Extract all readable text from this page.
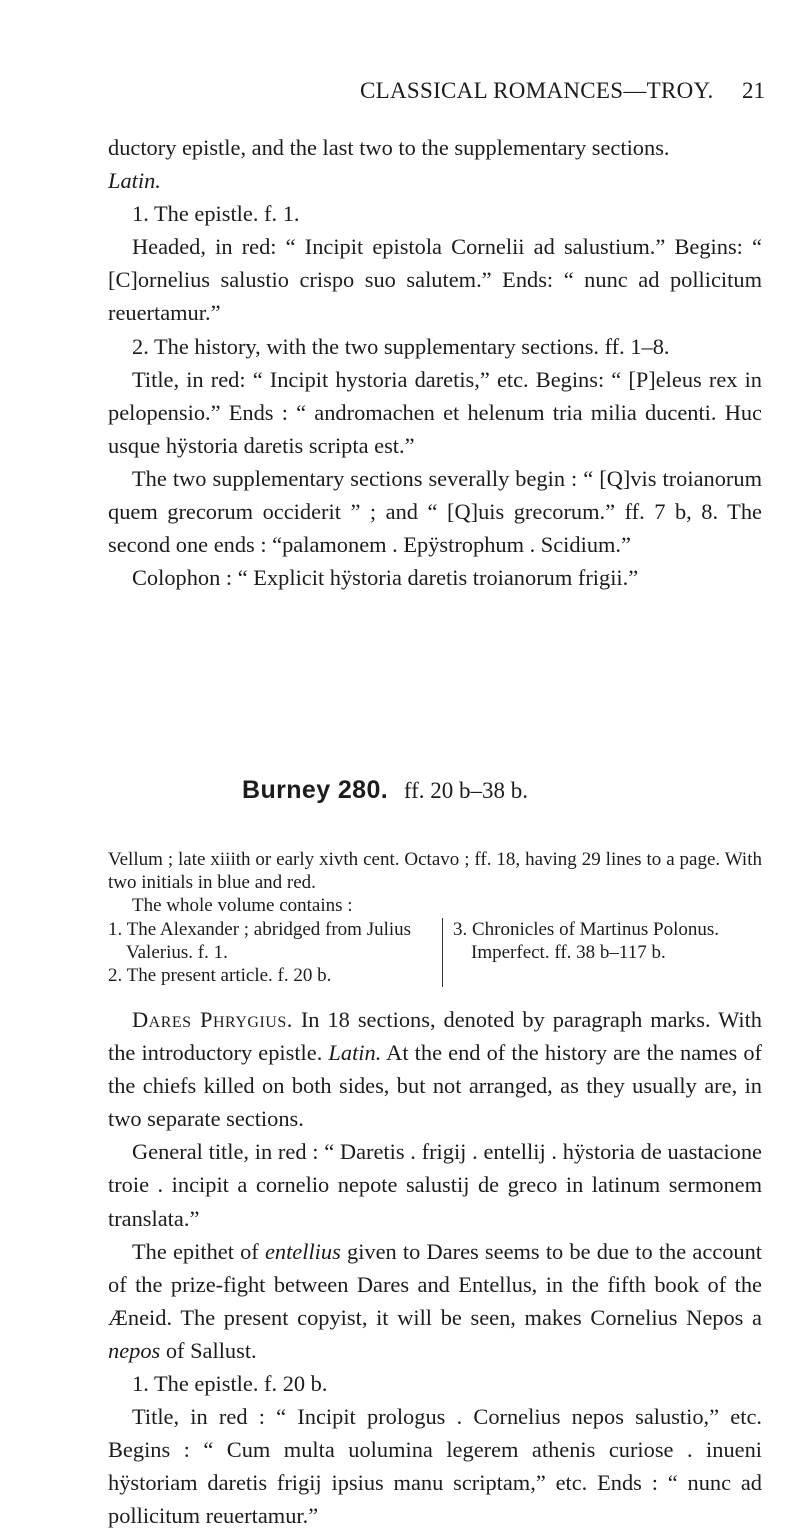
CLASSICAL ROMANCES—TROY. 21

ductory epistle, and the last two to the supplementary sections.

Latin.

1. The epistle. f. 1.

Headed, in red: “ Incipit epistola Cornelii ad salustium.” Begins: “ [C]ornelius salustio crispo suo salutem.” Ends: “ nunc ad pollicitum reuertamur.”

2. The history, with the two supplementary sections. ff. 1–8.

Title, in red: “ Incipit hystoria daretis,” etc. Begins: “ [P]eleus rex in pelopensio.” Ends : “ andromachen et helenum tria milia ducenti. Huc usque hÿstoria daretis scripta est.”

The two supplementary sections severally begin : “ [Q]vis troianorum quem grecorum occiderit ” ; and “ [Q]uis grecorum.” ff. 7 b, 8. The second one ends : “palamonem . Epÿstrophum . Scidium.”

Colophon : “ Explicit hÿstoria daretis troianorum frigii.”

Burney 280. ff. 20 b–38 b.

Vellum ; late xiiith or early xivth cent. Octavo ; ff. 18, having 29 lines to a page. With two initials in blue and red.

The whole volume contains :

1. The Alexander ; abridged from Julius Valerius. f. 1.

2. The present article. f. 20 b.

3. Chronicles of Martinus Polonus. Imperfect. ff. 38 b–117 b.

Dares Phrygius. In 18 sections, denoted by paragraph marks. With the introductory epistle. Latin. At the end of the history are the names of the chiefs killed on both sides, but not arranged, as they usually are, in two separate sections.

General title, in red : “ Daretis . frigij . entellij . hÿstoria de uastacione troie . incipit a cornelio nepote salustij de greco in latinum sermonem translata.”

The epithet of entellius given to Dares seems to be due to the account of the prize-fight between Dares and Entellus, in the fifth book of the Æneid. The present copyist, it will be seen, makes Cornelius Nepos a nepos of Sallust.

1. The epistle. f. 20 b.

Title, in red : “ Incipit prologus . Cornelius nepos salustio,” etc. Begins : “ Cum multa uolumina legerem athenis curiose . inueni hÿstoriam daretis frigij ipsius manu scriptam,” etc. Ends : “ nunc ad pollicitum reuertamur.”
